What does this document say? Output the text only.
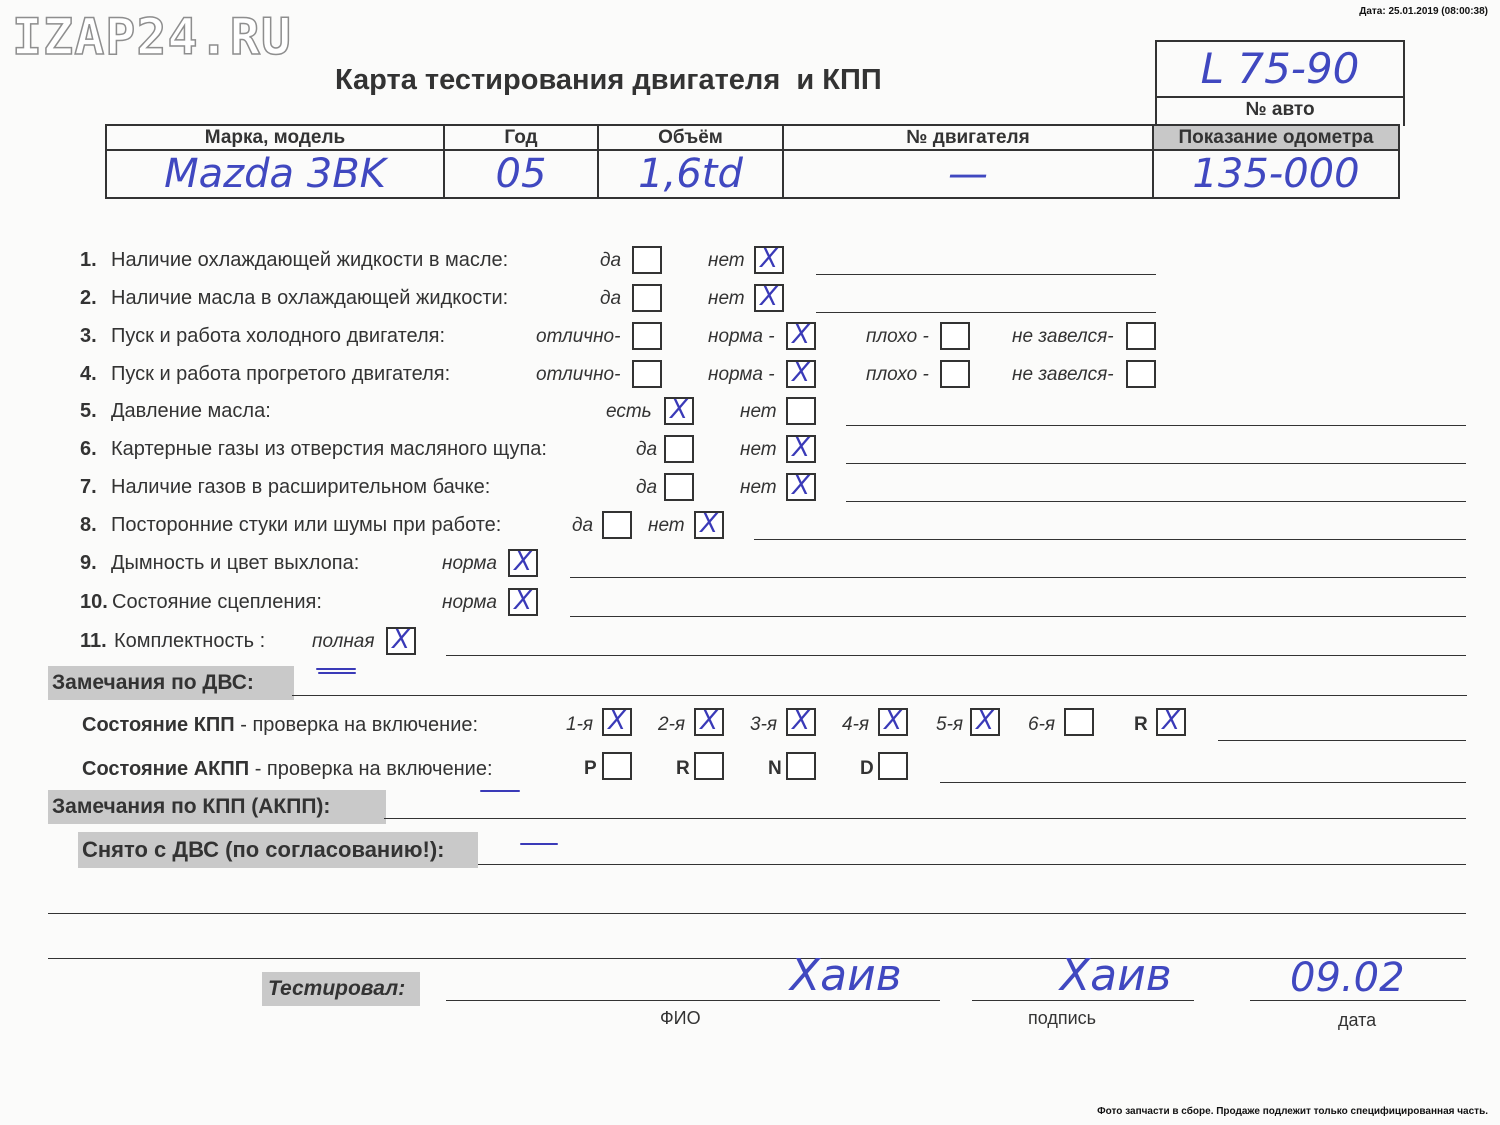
IZAP24.RU	Дата: 25.01.2019 (08:00:38)
Фото запчасти в сборе. Продаже подлежит только специфицированная часть.
Карта тестирования двигателя  и КПП	L 75-90
№ авто
Марка, модель	Год	Объём	№ двигателя	Показание одометра
Mazda 3BK	05	1,6td	—	135-000
1. Наличие охлаждающей жидкости в масле:	да	нет X
2. Наличие масла в охлаждающей жидкости:	да	нет X
3. Пуск и работа холодного двигателя:	отлично-	норма - X	плохо -	не завелся-
4. Пуск и работа прогретого двигателя:	отлично-	норма - X	плохо -	не завелся-
5. Давление масла:	есть X	нет
6. Картерные газы из отверстия масляного щупа:	да	нет X
7. Наличие газов в расширительном бачке:	да	нет X
8. Посторонние стуки или шумы при работе:	да	нет X
9. Дымность и цвет выхлопа:	норма X
10. Состояние сцепления:	норма X
11. Комплектность : полная X
Замечания по ДВС:
Состояние КПП - проверка на включение:	1-я X 2-я X 3-я X 4-я X 5-я X 6-я	R X
Состояние АКПП - проверка на включение:	P	R	N	D
Замечания по КПП (АКПП):
Снято с ДВС (по согласованию!):
Тестировал:	Хаив	Хаив	09.02
ФИО	подпись	дата
